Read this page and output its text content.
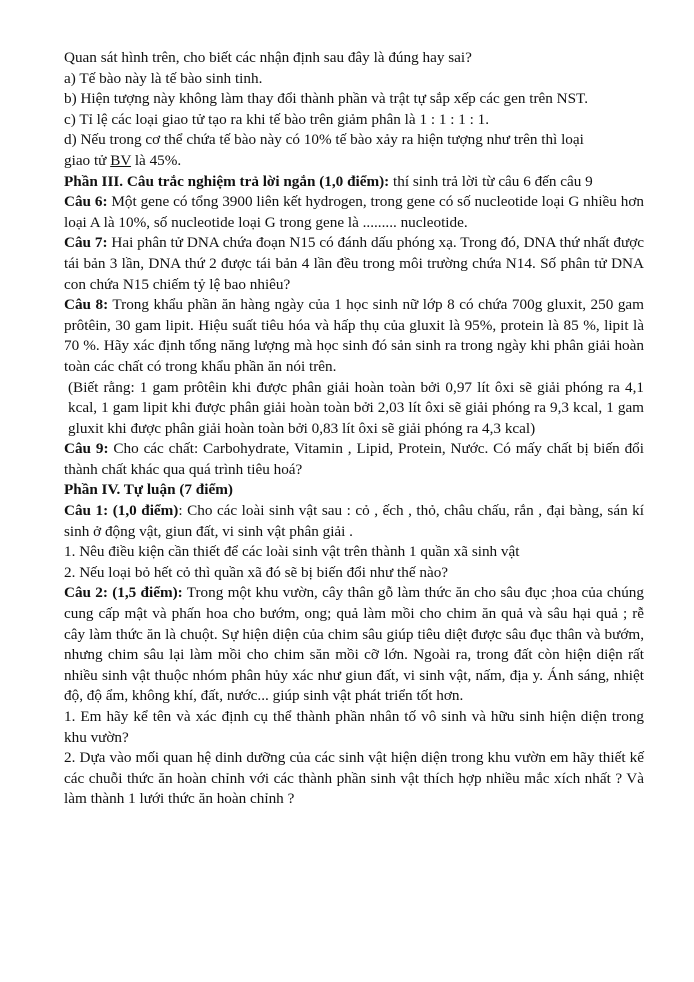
Quan sát hình trên, cho biết các nhận định sau đây là đúng hay sai?

a) Tế bào này là tế bào sinh tinh.

b) Hiện tượng này không làm thay đổi thành phần và trật tự sắp xếp các gen trên NST.

c) Tỉ lệ các loại giao tử tạo ra khi tế bào trên giảm phân là 1 : 1 : 1 : 1.

d) Nếu trong cơ thể chứa tế bào này có 10% tế bào xảy ra hiện tượng như trên thì loại
giao tử BV là 45%.

Phần III. Câu trắc nghiệm trả lời ngắn (1,0 điểm): thí sinh trả lời từ câu 6 đến câu 9

Câu 6: Một gene có tổng 3900 liên kết hydrogen, trong gene có số nucleotide loại G nhiều hơn loại A là 10%, số nucleotide loại G trong gene là ......... nucleotide.

Câu 7: Hai phân tử DNA chứa đoạn N15 có đánh dấu phóng xạ. Trong đó, DNA thứ nhất được tái bản 3 lần, DNA thứ 2 được tái bản 4 lần đều trong môi trường chứa N14. Số phân tử DNA con chứa N15 chiếm tỷ lệ bao nhiêu?

Câu 8: Trong khẩu phần ăn hàng ngày của 1 học sinh nữ lớp 8 có chứa 700g gluxit, 250 gam prôtêin, 30 gam lipit. Hiệu suất tiêu hóa và hấp thụ của gluxit là 95%, protein là 85 %, lipit là 70 %. Hãy xác định tổng năng lượng mà học sinh đó sản sinh ra trong ngày khi phân giải hoàn toàn các chất có trong khẩu phần ăn nói trên.

(Biết rằng: 1 gam prôtêin khi được phân giải hoàn toàn bởi 0,97 lít ôxi sẽ giải phóng ra 4,1 kcal, 1 gam lipit khi được phân giải hoàn toàn bởi 2,03 lít ôxi sẽ giải phóng ra 9,3 kcal, 1 gam gluxit khi được phân giải hoàn toàn bởi 0,83 lít ôxi sẽ giải phóng ra 4,3 kcal)

Câu 9: Cho các chất: Carbohydrate, Vitamin , Lipid, Protein, Nước. Có mấy chất bị biến đổi thành chất khác qua quá trình tiêu hoá?

Phần IV. Tự luận (7 điểm)

Câu 1: (1,0 điểm): Cho các loài sinh vật sau : cỏ , ếch , thỏ, châu chấu, rắn , đại bàng, sán kí sinh ở động vật, giun đất, vi sinh vật phân giải .

1. Nêu điều kiện cần thiết để các loài sinh vật trên thành 1 quần xã sinh vật

2. Nếu loại bỏ hết cỏ thì quần xã đó sẽ bị biến đổi như thế nào?

Câu 2: (1,5 điểm): Trong một khu vườn, cây thân gỗ làm thức ăn cho sâu đục ;hoa của chúng cung cấp mật và phấn hoa cho bướm, ong; quả làm mồi cho chim ăn quả và sâu hại quả ; rễ cây làm thức ăn là chuột. Sự hiện diện của chim sâu giúp tiêu diệt được sâu đục thân và bướm, nhưng chim sâu lại làm mồi cho chim săn mồi cỡ lớn. Ngoài ra, trong đất còn hiện diện rất nhiều sinh vật thuộc nhóm phân hủy xác như giun đất, vi sinh vật, nấm, địa y. Ánh sáng, nhiệt độ, độ ẩm, không khí, đất, nước... giúp sinh vật phát triển tốt hơn.

1. Em hãy kể tên và xác định cụ thể thành phần nhân tố vô sinh và hữu sinh hiện diện trong khu vườn?

2. Dựa vào mối quan hệ dinh dưỡng của các sinh vật hiện diện trong khu vườn em hãy thiết kế các chuỗi thức ăn hoàn chỉnh với các thành phần sinh vật thích hợp nhiều mắc xích nhất ? Và làm thành 1 lưới thức ăn hoàn chỉnh ?
